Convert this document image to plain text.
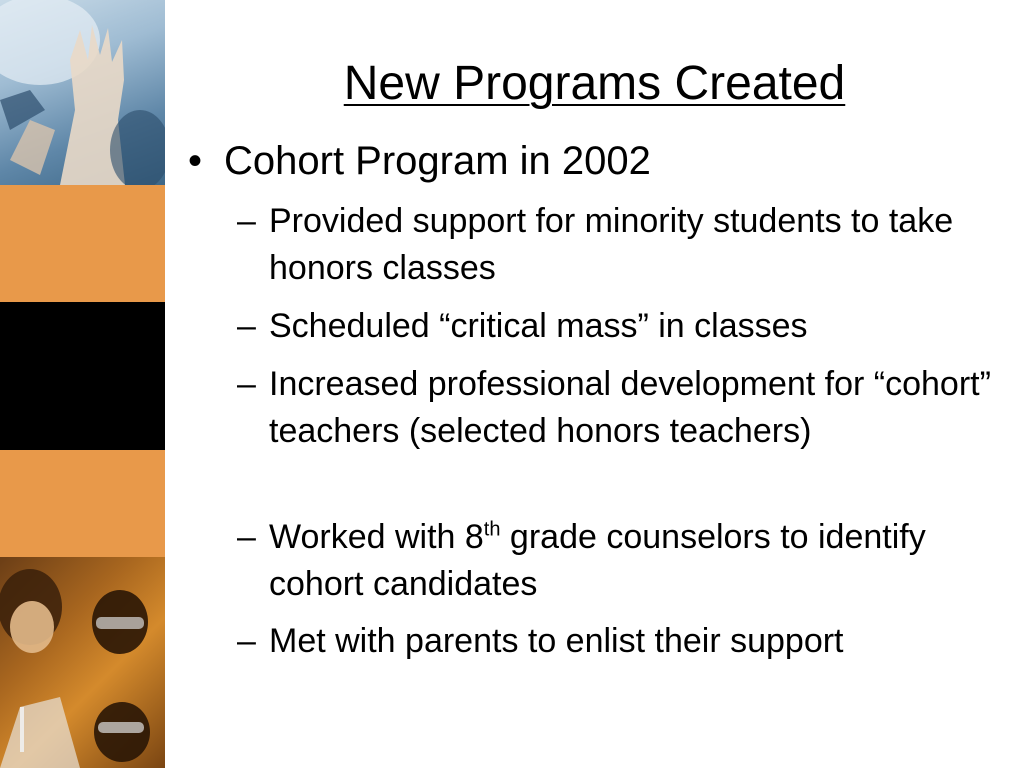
New Programs Created
• Cohort Program in 2002
– Provided support for minority students to take honors classes
– Scheduled “critical mass” in classes
– Increased professional development for “cohort” teachers (selected honors teachers)
– Worked with 8th grade counselors to identify cohort candidates
– Met with parents to enlist their support
